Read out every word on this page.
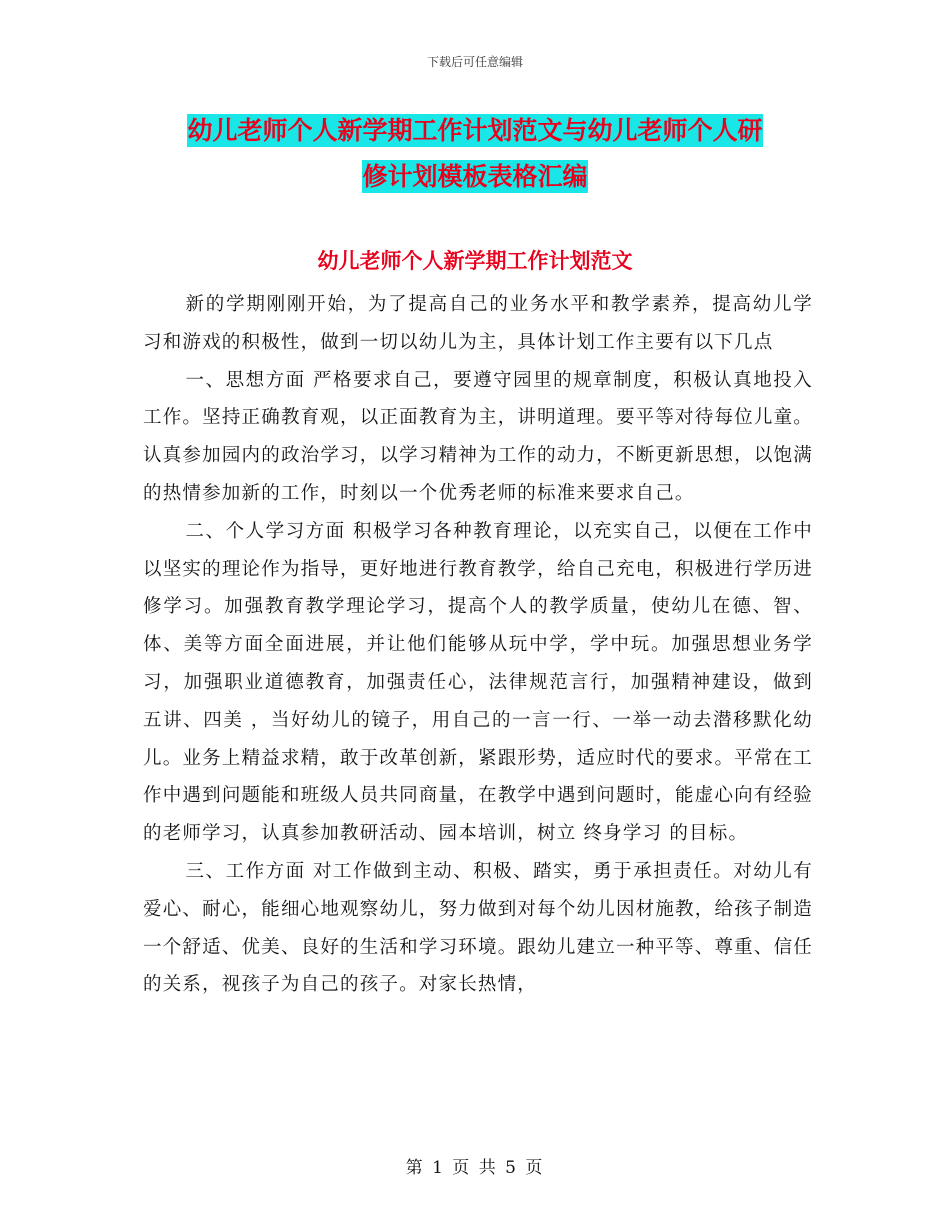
下载后可任意编辑
幼儿老师个人新学期工作计划范文与幼儿老师个人研
修计划模板表格汇编
幼儿老师个人新学期工作计划范文

新的学期刚刚开始，为了提高自己的业务水平和教学素养，提高幼儿学习和游戏的积极性，做到一切以幼儿为主，具体计划工作主要有以下几点

一、思想方面 严格要求自己，要遵守园里的规章制度，积极认真地投入工作。坚持正确教育观，以正面教育为主，讲明道理。要平等对待每位儿童。认真参加园内的政治学习，以学习精神为工作的动力，不断更新思想，以饱满的热情参加新的工作，时刻以一个优秀老师的标准来要求自己。

二、个人学习方面 积极学习各种教育理论，以充实自己，以便在工作中以坚实的理论作为指导，更好地进行教育教学，给自己充电，积极进行学历进修学习。加强教育教学理论学习，提高个人的教学质量，使幼儿在德、智、体、美等方面全面进展，并让他们能够从玩中学，学中玩。加强思想业务学习，加强职业道德教育，加强责任心，法律规范言行，加强精神建设，做到 五讲、四美 ，当好幼儿的镜子，用自己的一言一行、一举一动去潜移默化幼儿。业务上精益求精，敢于改革创新，紧跟形势，适应时代的要求。平常在工作中遇到问题能和班级人员共同商量，在教学中遇到问题时，能虚心向有经验的老师学习，认真参加教研活动、园本培训，树立 终身学习 的目标。

三、工作方面 对工作做到主动、积极、踏实，勇于承担责任。对幼儿有爱心、耐心，能细心地观察幼儿，努力做到对每个幼儿因材施教，给孩子制造一个舒适、优美、良好的生活和学习环境。跟幼儿建立一种平等、尊重、信任的关系，视孩子为自己的孩子。对家长热情，

第 1 页 共 5 页
